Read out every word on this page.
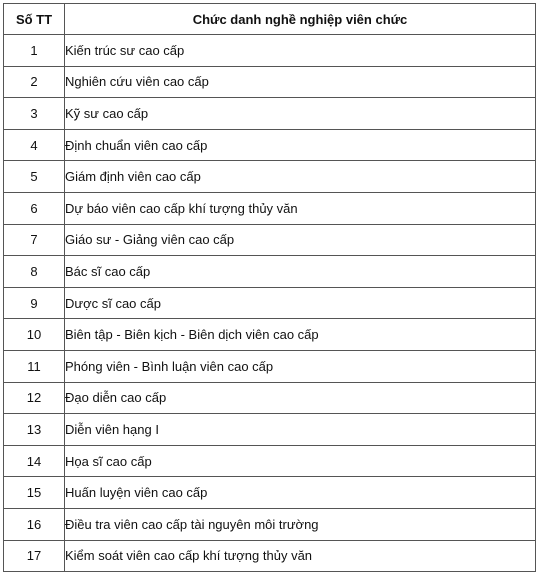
Số TT	Chức danh nghề nghiệp viên chức
1	Kiến trúc sư cao cấp
2	Nghiên cứu viên cao cấp
3	Kỹ sư cao cấp
4	Định chuẩn viên cao cấp
5	Giám định viên cao cấp
6	Dự báo viên cao cấp khí tượng thủy văn
7	Giáo sư - Giảng viên cao cấp
8	Bác sĩ cao cấp
9	Dược sĩ cao cấp
10	Biên tập - Biên kịch - Biên dịch viên cao cấp
11	Phóng viên - Bình luận viên cao cấp
12	Đạo diễn cao cấp
13	Diễn viên hạng I
14	Họa sĩ cao cấp
15	Huấn luyện viên cao cấp
16	Điều tra viên cao cấp tài nguyên môi trường
17	Kiểm soát viên cao cấp khí tượng thủy văn
